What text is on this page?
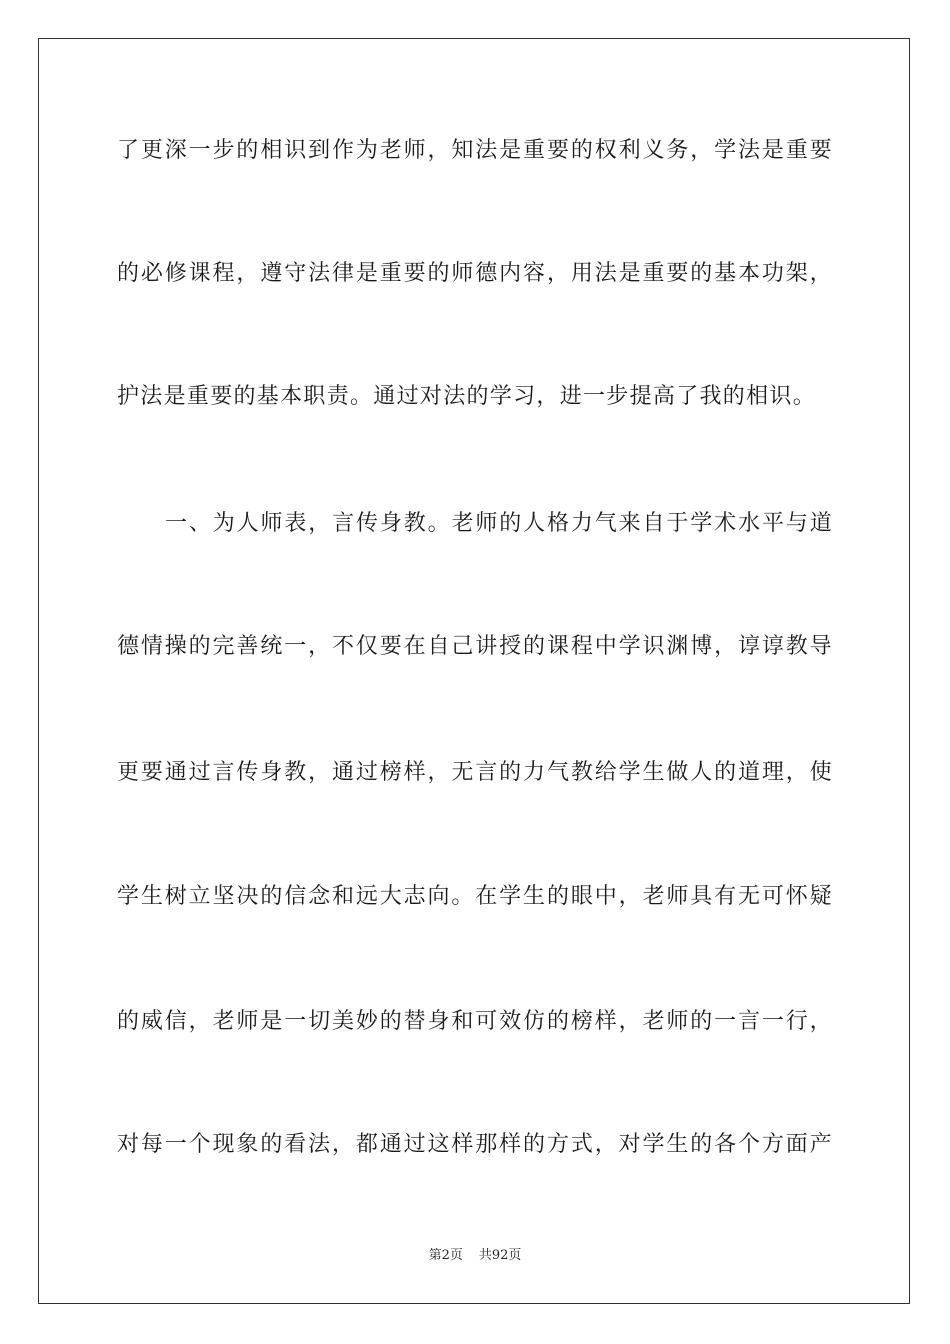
了更深一步的相识到作为老师，知法是重要的权利义务，学法是重要
的必修课程，遵守法律是重要的师德内容，用法是重要的基本功架，
护法是重要的基本职责。通过对法的学习，进一步提高了我的相识。
一、为人师表，言传身教。老师的人格力气来自于学术水平与道
德情操的完善统一，不仅要在自己讲授的课程中学识渊博，谆谆教导
更要通过言传身教，通过榜样，无言的力气教给学生做人的道理，使
学生树立坚决的信念和远大志向。在学生的眼中，老师具有无可怀疑
的威信，老师是一切美妙的替身和可效仿的榜样，老师的一言一行，
对每一个现象的看法，都通过这样那样的方式，对学生的各个方面产
第2页 共92页
